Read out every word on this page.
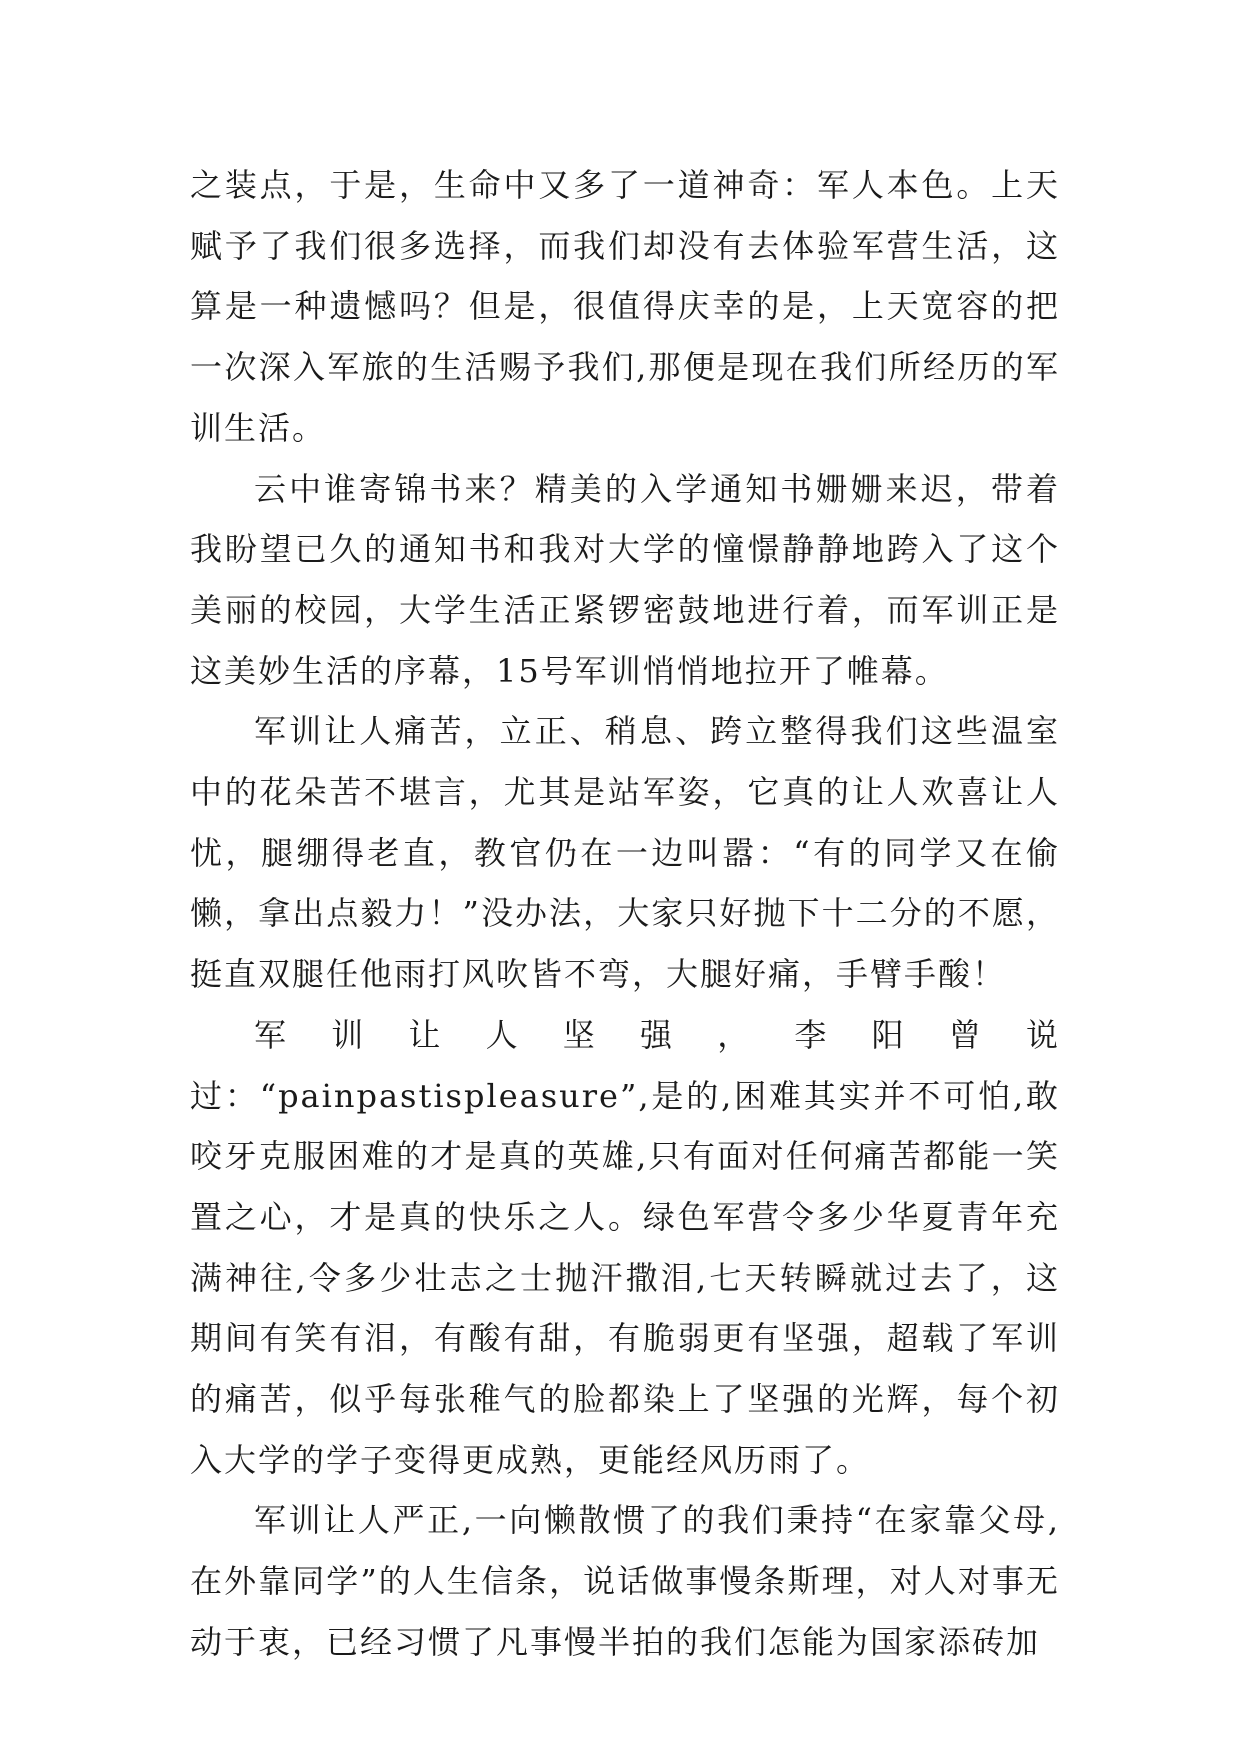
之装点，于是，生命中又多了一道神奇：军人本色。上天赋予了我们很多选择，而我们却没有去体验军营生活，这算是一种遗憾吗？但是，很值得庆幸的是，上天宽容的把一次深入军旅的生活赐予我们,那便是现在我们所经历的军训生活。

云中谁寄锦书来？精美的入学通知书姗姗来迟，带着我盼望已久的通知书和我对大学的憧憬静静地跨入了这个美丽的校园，大学生活正紧锣密鼓地进行着，而军训正是这美妙生活的序幕，15号军训悄悄地拉开了帷幕。

军训让人痛苦，立正、稍息、跨立整得我们这些温室中的花朵苦不堪言，尤其是站军姿，它真的让人欢喜让人忧，腿绷得老直，教官仍在一边叫嚣：“有的同学又在偷懒，拿出点毅力！”没办法，大家只好抛下十二分的不愿，挺直双腿任他雨打风吹皆不弯，大腿好痛，手臂手酸！

军训让人坚强，李阳曾说过：“painpastispleasure”,是的,困难其实并不可怕,敢咬牙克服困难的才是真的英雄,只有面对任何痛苦都能一笑置之心，才是真的快乐之人。绿色军营令多少华夏青年充满神往,令多少壮志之士抛汗撒泪,七天转瞬就过去了，这期间有笑有泪，有酸有甜，有脆弱更有坚强，超载了军训的痛苦，似乎每张稚气的脸都染上了坚强的光辉，每个初入大学的学子变得更成熟，更能经风历雨了。

军训让人严正,一向懒散惯了的我们秉持“在家靠父母,在外靠同学”的人生信条，说话做事慢条斯理，对人对事无动于衷，已经习惯了凡事慢半拍的我们怎能为国家添砖加
